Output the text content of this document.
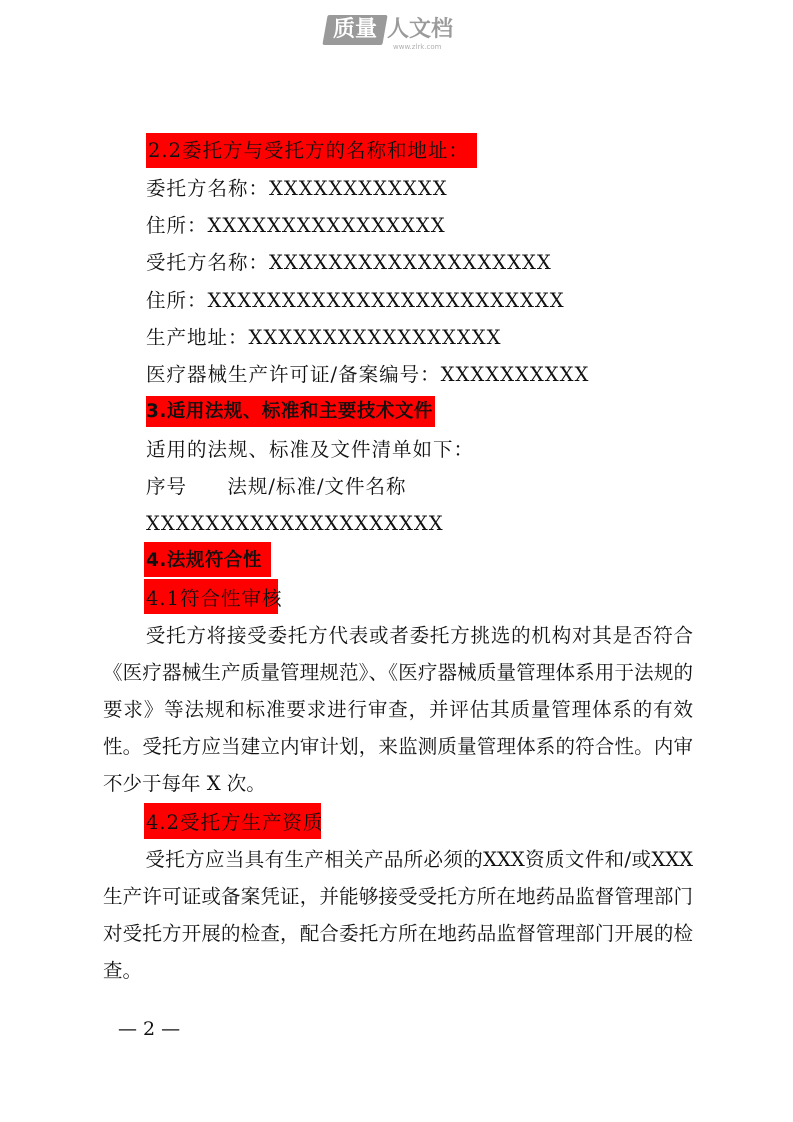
质量 人文档
www.zlrk.com
2.2委托方与受托方的名称和地址：
委托方名称：XXXXXXXXXXXX
住所：XXXXXXXXXXXXXXXX
受托方名称：XXXXXXXXXXXXXXXXXXX
住所：XXXXXXXXXXXXXXXXXXXXXXXX
生产地址：XXXXXXXXXXXXXXXXX
医疗器械生产许可证/备案编号：XXXXXXXXXX
3.适用法规、标准和主要技术文件
适用的法规、标准及文件清单如下：
序号 法规/标准/文件名称
XXXXXXXXXXXXXXXXXXXX
4.法规符合性
4.1符合性审核
受托方将接受委托方代表或者委托方挑选的机构对其是否符合《医疗器械生产质量管理规范》、《医疗器械质量管理体系用于法规的要求》等法规和标准要求进行审查，并评估其质量管理体系的有效性。受托方应当建立内审计划，来监测质量管理体系的符合性。内审不少于每年 X 次。
4.2受托方生产资质
受托方应当具有生产相关产品所必须的XXX资质文件和/或XXX生产许可证或备案凭证，并能够接受受托方所在地药品监督管理部门对受托方开展的检查，配合委托方所在地药品监督管理部门开展的检查。
— 2 —
